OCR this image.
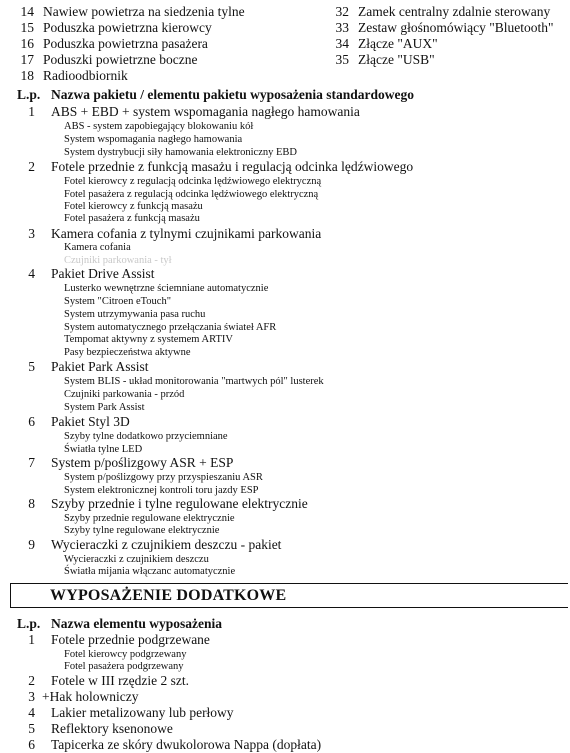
14 Nawiew powietrza na siedzenia tylne
15 Poduszka powietrzna kierowcy
16 Poduszka powietrzna pasażera
17 Poduszki powietrzne boczne
18 Radioodbiornik
32 Zamek centralny zdalnie sterowany
33 Zestaw głośnomówiący "Bluetooth"
34 Złącze "AUX"
35 Złącze "USB"
L.p. Nazwa pakietu / elementu pakietu wyposażenia standardowego
1 ABS + EBD + system wspomagania nagłego hamowania
ABS - system zapobiegający blokowaniu kół
System wspomagania nagłego hamowania
System dystrybucji siły hamowania elektroniczny EBD
2 Fotele przednie z funkcją masażu i regulacją odcinka lędźwiowego
Fotel kierowcy z regulacją odcinka lędźwiowego elektryczną
Fotel pasażera z regulacją odcinka lędźwiowego elektryczną
Fotel kierowcy z funkcją masażu
Fotel pasażera z funkcją masażu
3 Kamera cofania z tylnymi czujnikami parkowania
Kamera cofania
Czujniki parkowania - tył
4 Pakiet Drive Assist
Lusterko wewnętrzne ściemniane automatycznie
System "Citroen eTouch"
System utrzymywania pasa ruchu
System automatycznego przełączania świateł AFR
Tempomat aktywny z systemem ARTIV
Pasy bezpieczeństwa aktywne
5 Pakiet Park Assist
System BLIS - układ monitorowania "martwych pól" lusterek
Czujniki parkowania - przód
System Park Assist
6 Pakiet Styl 3D
Szyby tylne dodatkowo przyciemniane
Światła tylne LED
7 System p/poślizgowy ASR + ESP
System p/poślizgowy przy przyspieszaniu ASR
System elektronicznej kontroli toru jazdy ESP
8 Szyby przednie i tylne regulowane elektrycznie
Szyby przednie regulowane elektrycznie
Szyby tylne regulowane elektrycznie
9 Wycieraczki z czujnikiem deszczu - pakiet
Wycieraczki z czujnikiem deszczu
Światła mijania włączanc automatycznie
WYPOSAŻENIE DODATKOWE
L.p. Nazwa elementu wyposażenia
1 Fotele przednie podgrzewane
Fotel kierowcy podgrzewany
Fotel pasażera podgrzewany
2 Fotele w III rzędzie 2 szt.
3 +Hak holowniczy
4 Lakier metalizowany lub perłowy
5 Reflektory ksenonowe
6 Tapicerka ze skóry dwukolorowa Nappa (dopłata)
